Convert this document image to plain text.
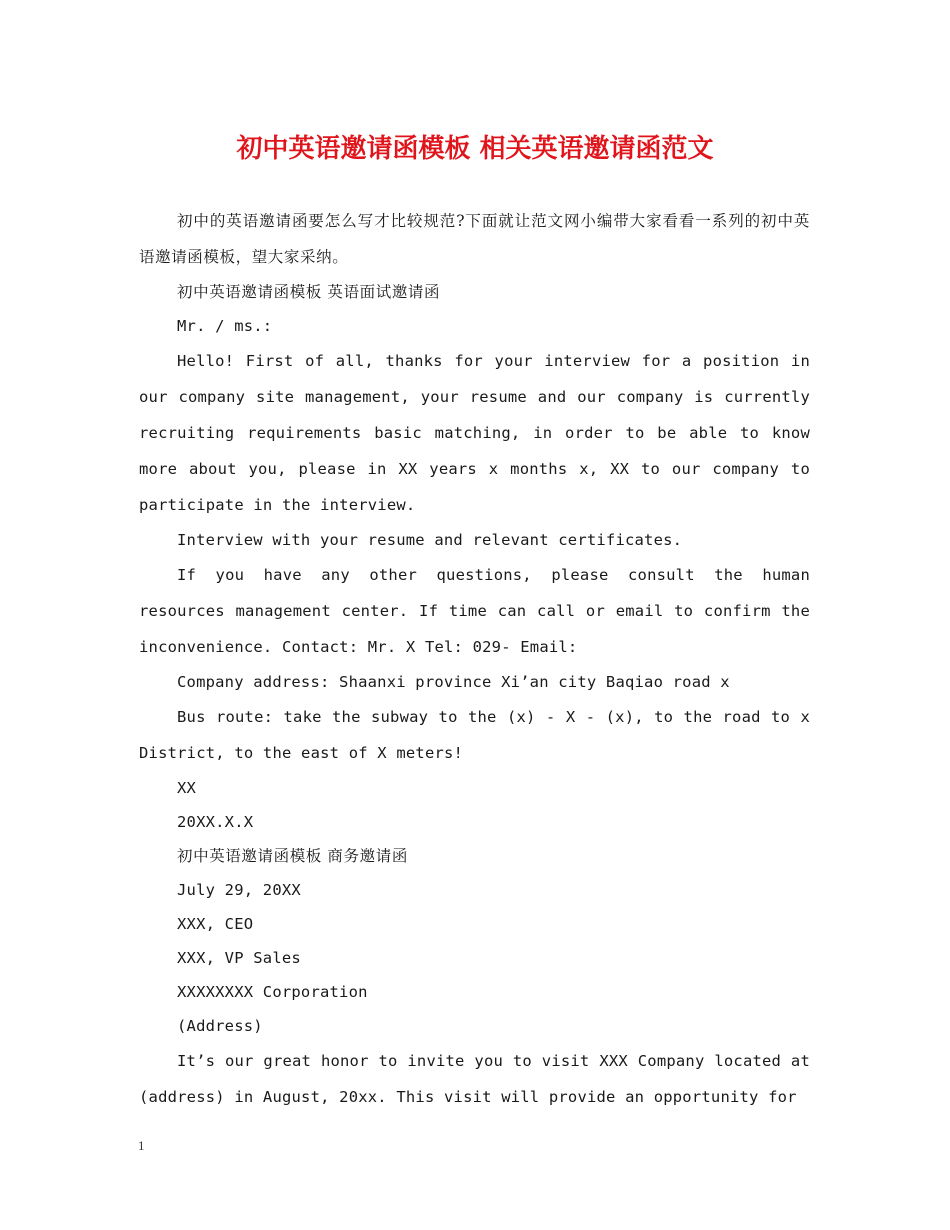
初中英语邀请函模板 相关英语邀请函范文

初中的英语邀请函要怎么写才比较规范?下面就让范文网小编带大家看看一系列的初中英语邀请函模板，望大家采纳。

初中英语邀请函模板 英语面试邀请函

Mr. / ms.:

Hello! First of all, thanks for your interview for a position in our company site management, your resume and our company is currently recruiting requirements basic matching, in order to be able to know more about you, please in XX years x months x, XX to our company to participate in the interview.

Interview with your resume and relevant certificates.

If you have any other questions, please consult the human resources management center. If time can call or email to confirm the inconvenience. Contact: Mr. X Tel: 029- Email:

Company address: Shaanxi province Xi’an city Baqiao road x

Bus route: take the subway to the (x) - X - (x), to the road to x District, to the east of X meters!

XX

20XX.X.X

初中英语邀请函模板 商务邀请函

July 29, 20XX

XXX, CEO

XXX, VP Sales

XXXXXXXX Corporation

(Address)

It’s our great honor to invite you to visit XXX Company located at (address) in August, 20xx. This visit will provide an opportunity for

1
